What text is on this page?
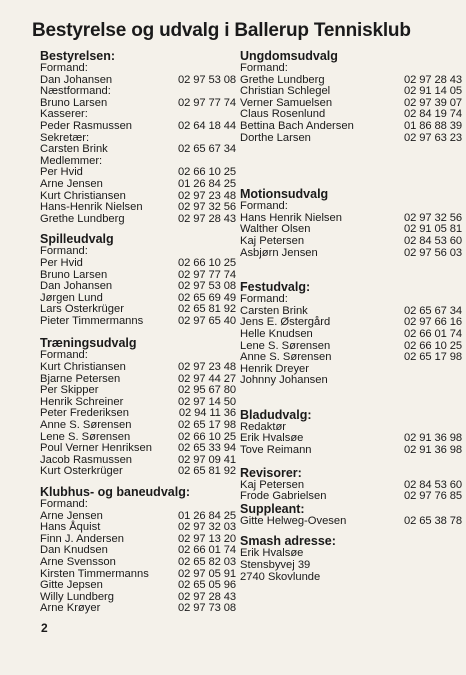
Bestyrelse og udvalg i Ballerup Tennisklub
Bestyrelsen:
Formand:
Dan Johansen	02 97 53 08
Næstformand:
Bruno Larsen	02 97 77 74
Kasserer:
Peder Rasmussen	02 64 18 44
Sekretær:
Carsten Brink	02 65 67 34
Medlemmer:
Per Hvid	02 66 10 25
Arne Jensen	01 26 84 25
Kurt Christiansen	02 97 23 48
Hans-Henrik Nielsen	02 97 32 56
Grethe Lundberg	02 97 28 43
Spilleudvalg
Formand:
Per Hvid	02 66 10 25
Bruno Larsen	02 97 77 74
Dan Johansen	02 97 53 08
Jørgen Lund	02 65 69 49
Lars Osterkrüger	02 65 81 92
Pieter Timmermanns	02 97 65 40
Træningsudvalg
Formand:
Kurt Christiansen	02 97 23 48
Bjarne Petersen	02 97 44 27
Per Skipper	02 95 67 80
Henrik Schreiner	02 97 14 50
Peter Frederiksen	02 94 11 36
Anne S. Sørensen	02 65 17 98
Lene S. Sørensen	02 66 10 25
Poul Verner Henriksen 02 65 33 94
Jacob Rasmussen	02 97 09 41
Kurt Osterkrüger	02 65 81 92
Klubhus- og baneudvalg:
Formand:
Arne Jensen	01 26 84 25
Hans Åquist	02 97 32 03
Finn J. Andersen	02 97 13 20
Dan Knudsen	02 66 01 74
Arne Svensson	02 65 82 03
Kirsten Timmermanns	02 97 05 91
Gitte Jepsen	02 65 05 96
Willy Lundberg	02 97 28 43
Arne Krøyer	02 97 73 08
Ungdomsudvalg
Formand:
Grethe Lundberg	02 97 28 43
Christian Schlegel	02 91 14 05
Verner Samuelsen	02 97 39 07
Claus Rosenlund	02 84 19 74
Bettina Bach Andersen	01 86 88 39
Dorthe Larsen	02 97 63 23
Motionsudvalg
Formand:
Hans Henrik Nielsen	02 97 32 56
Walther Olsen	02 91 05 81
Kaj Petersen	02 84 53 60
Asbjørn Jensen	02 97 56 03
Festudvalg:
Formand:
Carsten Brink	02 65 67 34
Jens E. Østergård	02 97 66 16
Helle Knudsen	02 66 01 74
Lene S. Sørensen	02 66 10 25
Anne S. Sørensen	02 65 17 98
Henrik Dreyer
Johnny Johansen
Bladudvalg:
Redaktør
Erik Hvalsøe	02 91 36 98
Tove Reimann	02 91 36 98
Revisorer:
Kaj Petersen	02 84 53 60
Frode Gabrielsen	02 97 76 85
Suppleant:
Gitte Helweg-Ovesen	02 65 38 78
Smash adresse:
Erik Hvalsøe
Stensbyvej 39
2740 Skovlunde
2
